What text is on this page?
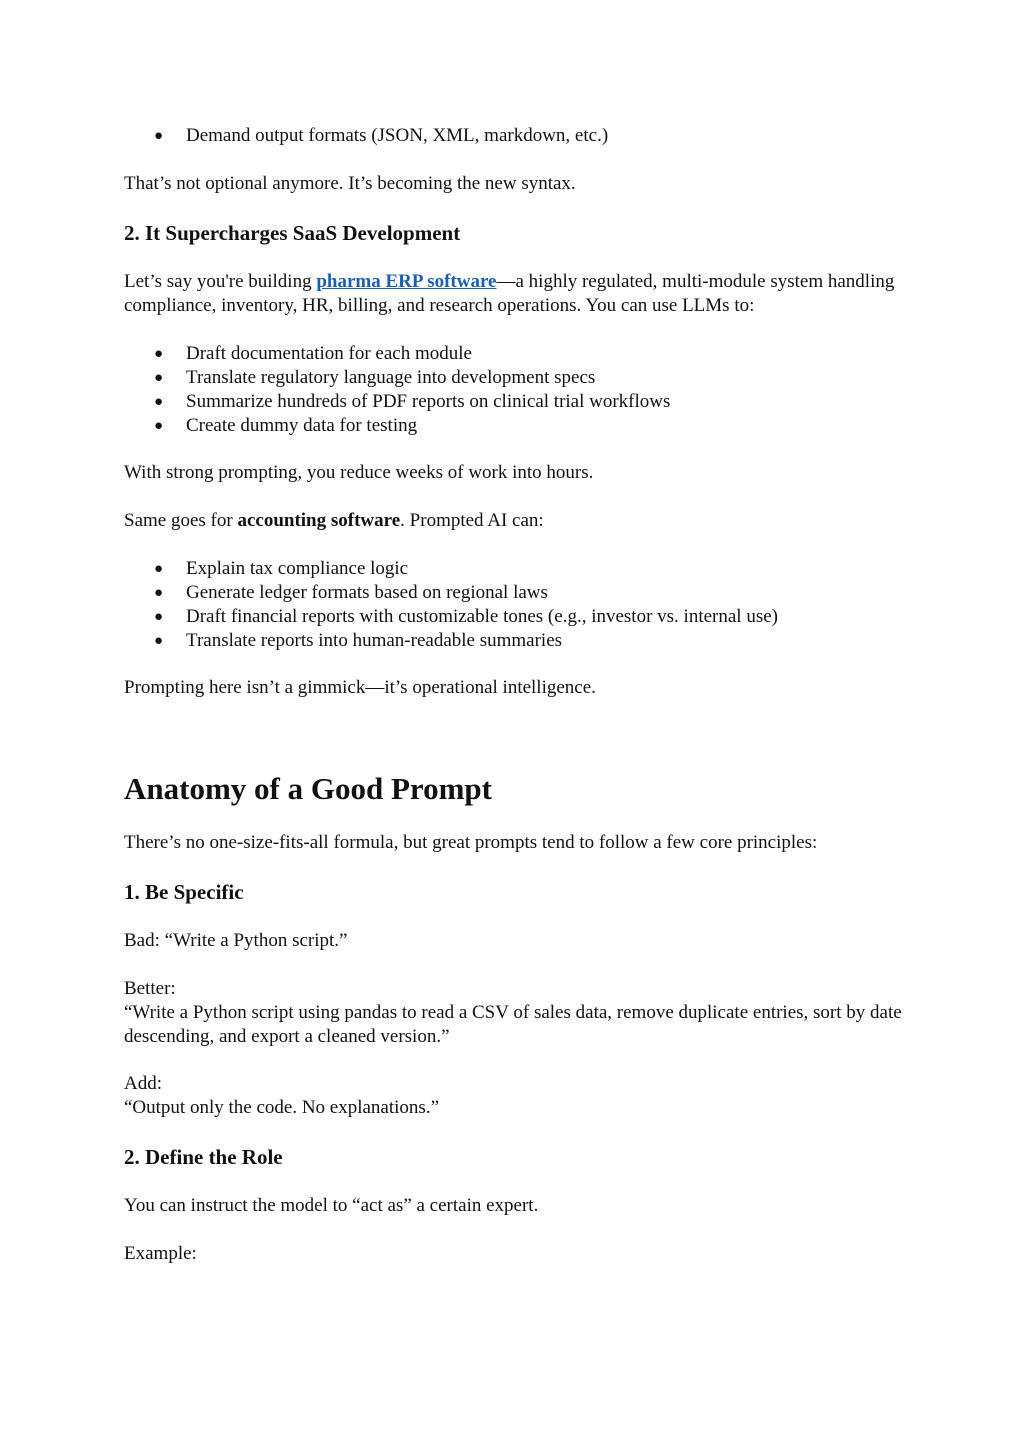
● Demand output formats (JSON, XML, markdown, etc.)

That’s not optional anymore. It’s becoming the new syntax.

2. It Supercharges SaaS Development

Let’s say you're building pharma ERP software—a highly regulated, multi-module system handling compliance, inventory, HR, billing, and research operations. You can use LLMs to:

● Draft documentation for each module
● Translate regulatory language into development specs
● Summarize hundreds of PDF reports on clinical trial workflows
● Create dummy data for testing

With strong prompting, you reduce weeks of work into hours.

Same goes for accounting software. Prompted AI can:

● Explain tax compliance logic
● Generate ledger formats based on regional laws
● Draft financial reports with customizable tones (e.g., investor vs. internal use)
● Translate reports into human-readable summaries

Prompting here isn’t a gimmick—it’s operational intelligence.

Anatomy of a Good Prompt

There’s no one-size-fits-all formula, but great prompts tend to follow a few core principles:

1. Be Specific

Bad: “Write a Python script.”

Better:

“Write a Python script using pandas to read a CSV of sales data, remove duplicate entries, sort by date descending, and export a cleaned version.”

Add:

“Output only the code. No explanations.”

2. Define the Role

You can instruct the model to “act as” a certain expert.

Example:
